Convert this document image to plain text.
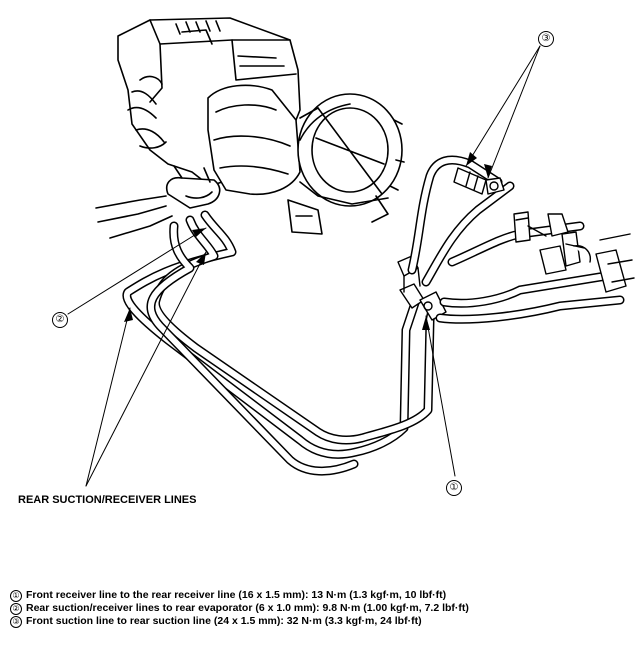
③
②
①
REAR SUCTION/RECEIVER LINES
① Front receiver line to the rear receiver line (16 x 1.5 mm): 13 N·m (1.3 kgf·m, 10 lbf·ft)
② Rear suction/receiver lines to rear evaporator (6 x 1.0 mm): 9.8 N·m (1.00 kgf·m, 7.2 lbf·ft)
③ Front suction line to rear suction line (24 x 1.5 mm): 32 N·m (3.3 kgf·m, 24 lbf·ft)
